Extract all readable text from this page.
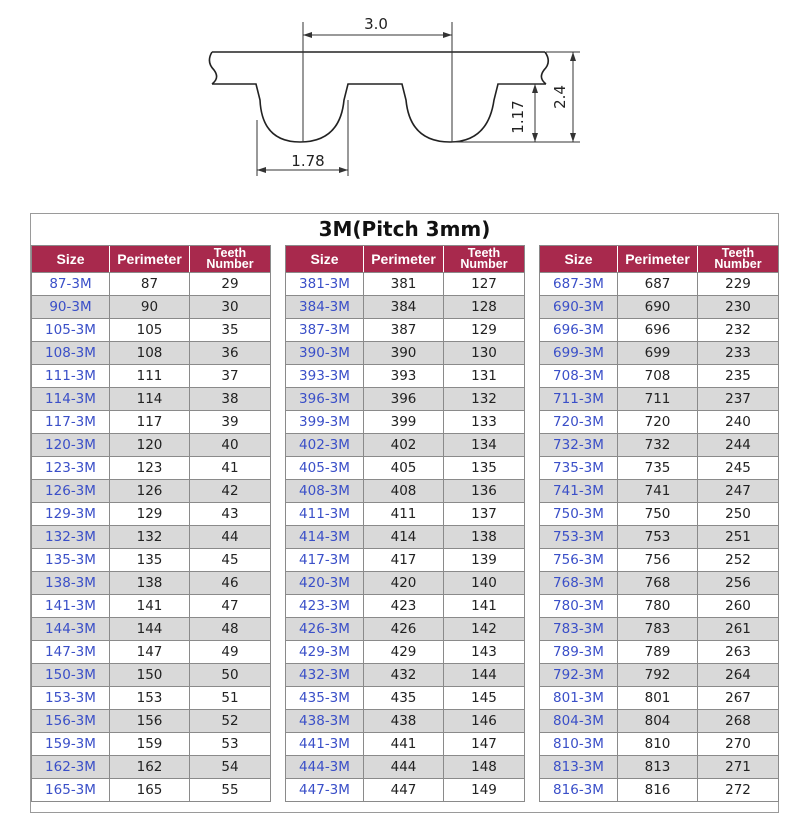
3.0
1.78
1.17
2.4
3M(Pitch 3mm)
Size	Perimeter	Teeth
Number
87-3M	87	29
90-3M	90	30
105-3M	105	35
108-3M	108	36
111-3M	111	37
114-3M	114	38
117-3M	117	39
120-3M	120	40
123-3M	123	41
126-3M	126	42
129-3M	129	43
132-3M	132	44
135-3M	135	45
138-3M	138	46
141-3M	141	47
144-3M	144	48
147-3M	147	49
150-3M	150	50
153-3M	153	51
156-3M	156	52
159-3M	159	53
162-3M	162	54
165-3M	165	55
Size	Perimeter	Teeth
Number
381-3M	381	127
384-3M	384	128
387-3M	387	129
390-3M	390	130
393-3M	393	131
396-3M	396	132
399-3M	399	133
402-3M	402	134
405-3M	405	135
408-3M	408	136
411-3M	411	137
414-3M	414	138
417-3M	417	139
420-3M	420	140
423-3M	423	141
426-3M	426	142
429-3M	429	143
432-3M	432	144
435-3M	435	145
438-3M	438	146
441-3M	441	147
444-3M	444	148
447-3M	447	149
Size	Perimeter	Teeth
Number
687-3M	687	229
690-3M	690	230
696-3M	696	232
699-3M	699	233
708-3M	708	235
711-3M	711	237
720-3M	720	240
732-3M	732	244
735-3M	735	245
741-3M	741	247
750-3M	750	250
753-3M	753	251
756-3M	756	252
768-3M	768	256
780-3M	780	260
783-3M	783	261
789-3M	789	263
792-3M	792	264
801-3M	801	267
804-3M	804	268
810-3M	810	270
813-3M	813	271
816-3M	816	272
